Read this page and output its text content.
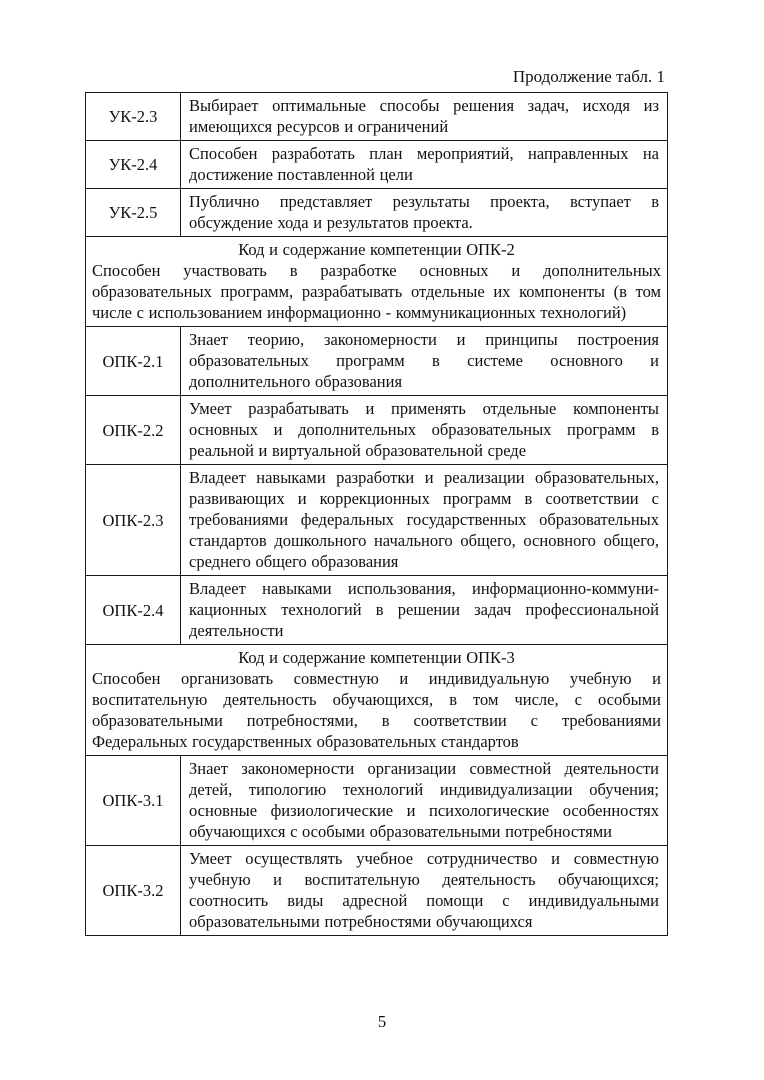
Продолжение табл. 1
УК-2.3	Выбирает оптимальные способы решения задач, исходя из имеющихся ресурсов и ограничений
УК-2.4	Способен разработать план мероприятий, направленных на достижение поставленной цели
УК-2.5	Публично представляет результаты проекта, вступает в обсуждение хода и результатов проекта.

Код и содержание компетенции ОПК-2
Способен участвовать в разработке основных и дополнительных образовательных программ, разрабатывать отдельные их компоненты (в том числе с использованием информационно - коммуникационных технологий)	

ОПК-2.1	Знает теорию, закономерности и принципы построения образовательных программ в системе основного и дополнительного образования
ОПК-2.2	Умеет разрабатывать и применять отдельные компоненты основных и дополнительных образовательных программ в реальной и виртуальной образовательной среде
ОПК-2.3	Владеет навыками разработки и реализации образовательных, развивающих и коррекционных программ в соответствии с требованиями федеральных государственных образовательных стандартов дошкольного начального общего, основного общего, среднего общего образования
ОПК-2.4	Владеет навыками использования, информационно-коммуни-кационных технологий в решении задач профессиональной деятельности

Код и содержание компетенции ОПК-3
Способен организовать совместную и индивидуальную учебную и воспитательную деятельность обучающихся, в том числе, с особыми образовательными потребностями, в соответствии с требованиями Федеральных государственных образовательных стандартов	

ОПК-3.1	Знает закономерности организации совместной деятельности детей, типологию технологий индивидуализации обучения; основные физиологические и психологические особенностях обучающихся с особыми образовательными потребностями
ОПК-3.2	Умеет осуществлять учебное сотрудничество и совместную учебную и воспитательную деятельность обучающихся; соотносить виды адресной помощи с индивидуальными образовательными потребностями обучающихся
5
